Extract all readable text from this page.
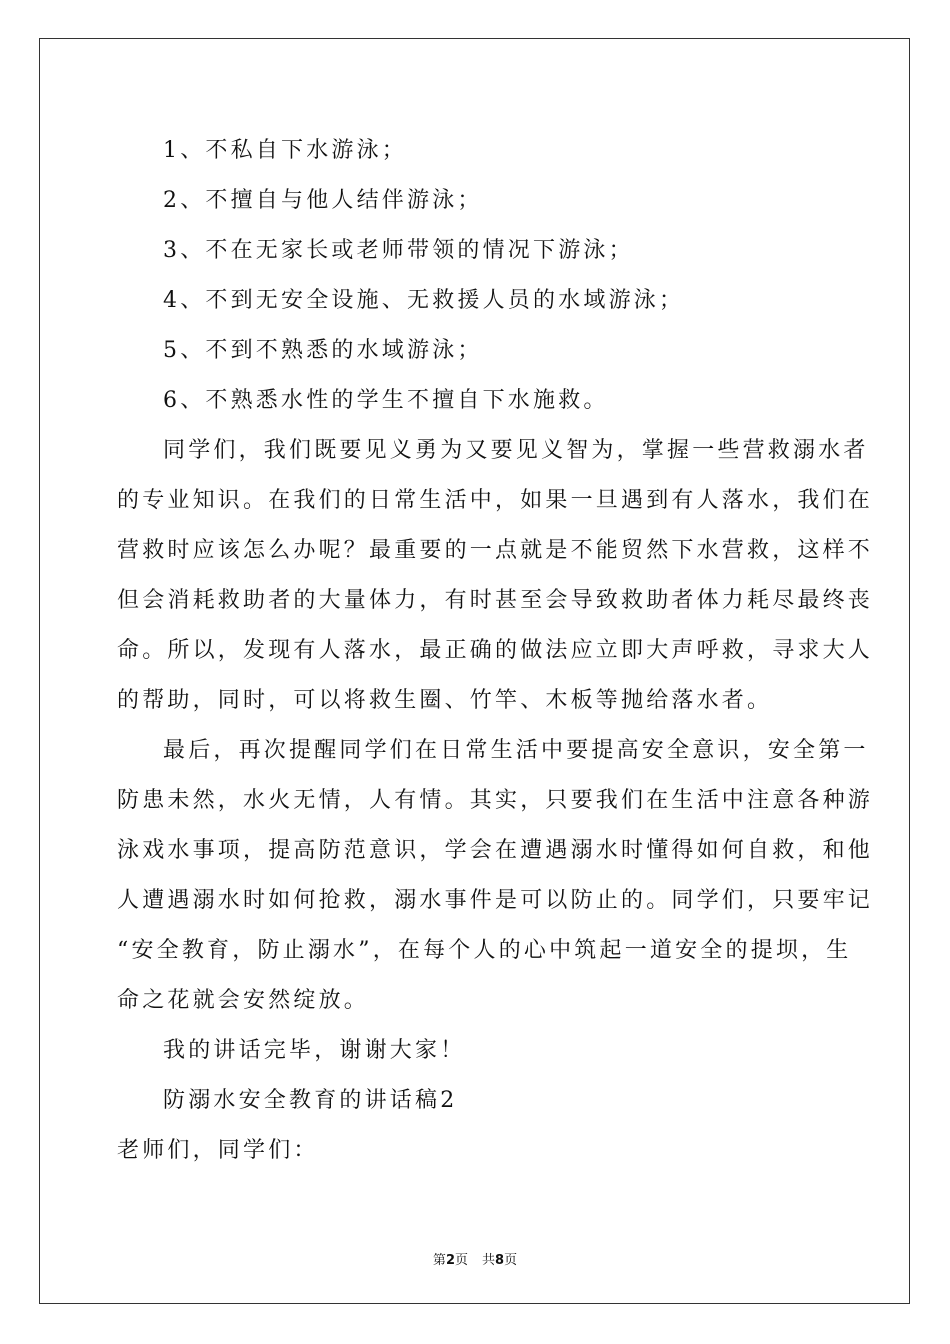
1、不私自下水游泳；
2、不擅自与他人结伴游泳；
3、不在无家长或老师带领的情况下游泳；
4、不到无安全设施、无救援人员的水域游泳；
5、不到不熟悉的水域游泳；
6、不熟悉水性的学生不擅自下水施救。
同学们，我们既要见义勇为又要见义智为，掌握一些营救溺水者
的专业知识。在我们的日常生活中，如果一旦遇到有人落水，我们在
营救时应该怎么办呢？最重要的一点就是不能贸然下水营救，这样不
但会消耗救助者的大量体力，有时甚至会导致救助者体力耗尽最终丧
命。所以，发现有人落水，最正确的做法应立即大声呼救，寻求大人
的帮助，同时，可以将救生圈、竹竿、木板等抛给落水者。
最后，再次提醒同学们在日常生活中要提高安全意识，安全第一
防患未然，水火无情，人有情。其实，只要我们在生活中注意各种游
泳戏水事项，提高防范意识，学会在遭遇溺水时懂得如何自救，和他
人遭遇溺水时如何抢救，溺水事件是可以防止的。同学们，只要牢记
“安全教育，防止溺水”，在每个人的心中筑起一道安全的提坝，生
命之花就会安然绽放。
我的讲话完毕，谢谢大家！
防溺水安全教育的讲话稿2
老师们，同学们：
第2页 共8页
